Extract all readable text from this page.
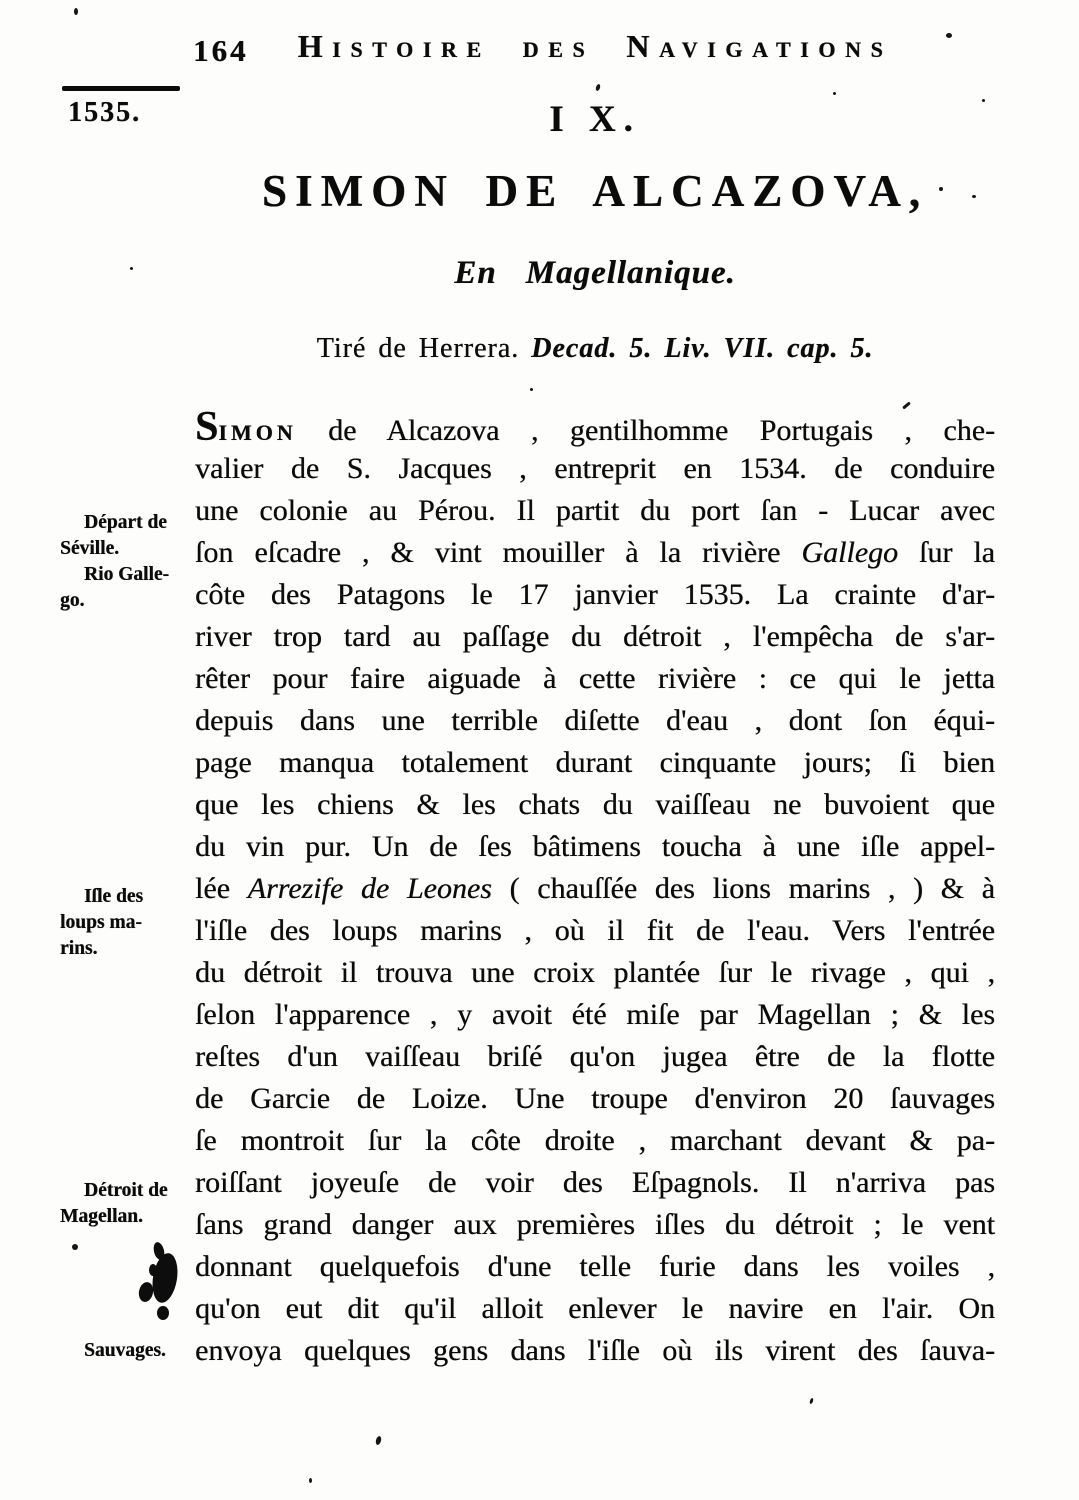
164	Histoire des Navigations
1535.	I X.
SIMON DE ALCAZOVA,
En Magellanique.
Tiré de Herrera. Decad. 5. Liv. VII. cap. 5.
Départ de
Séville.
Rio Galle-
go.
Iſle des
loups ma-
rins.
Détroit de
Magellan.
Sauvages.
SIMON de Alcazova , gentilhomme Portugais , che-
valier de S. Jacques , entreprit en 1534. de conduire
une colonie au Pérou. Il partit du port ſan - Lucar avec
ſon eſcadre , & vint mouiller à la rivière Gallego ſur la
côte des Patagons le 17 janvier 1535. La crainte d'ar-
river trop tard au paſſage du détroit , l'empêcha de s'ar-
rêter pour faire aiguade à cette rivière : ce qui le jetta
depuis dans une terrible diſette d'eau , dont ſon équi-
page manqua totalement durant cinquante jours; ſi bien
que les chiens & les chats du vaiſſeau ne buvoient que
du vin pur. Un de ſes bâtimens toucha à une iſle appel-
lée Arrezife de Leones ( chauſſée des lions marins , ) & à
l'iſle des loups marins , où il fit de l'eau. Vers l'entrée
du détroit il trouva une croix plantée ſur le rivage , qui ,
ſelon l'apparence , y avoit été miſe par Magellan ; & les
reſtes d'un vaiſſeau briſé qu'on jugea être de la flotte
de Garcie de Loize. Une troupe d'environ 20 ſauvages
ſe montroit ſur la côte droite , marchant devant & pa-
roiſſant joyeuſe de voir des Eſpagnols. Il n'arriva pas
ſans grand danger aux premières iſles du détroit ; le vent
donnant quelquefois d'une telle furie dans les voiles ,
qu'on eut dit qu'il alloit enlever le navire en l'air. On
envoya quelques gens dans l'iſle où ils virent des ſauva-
